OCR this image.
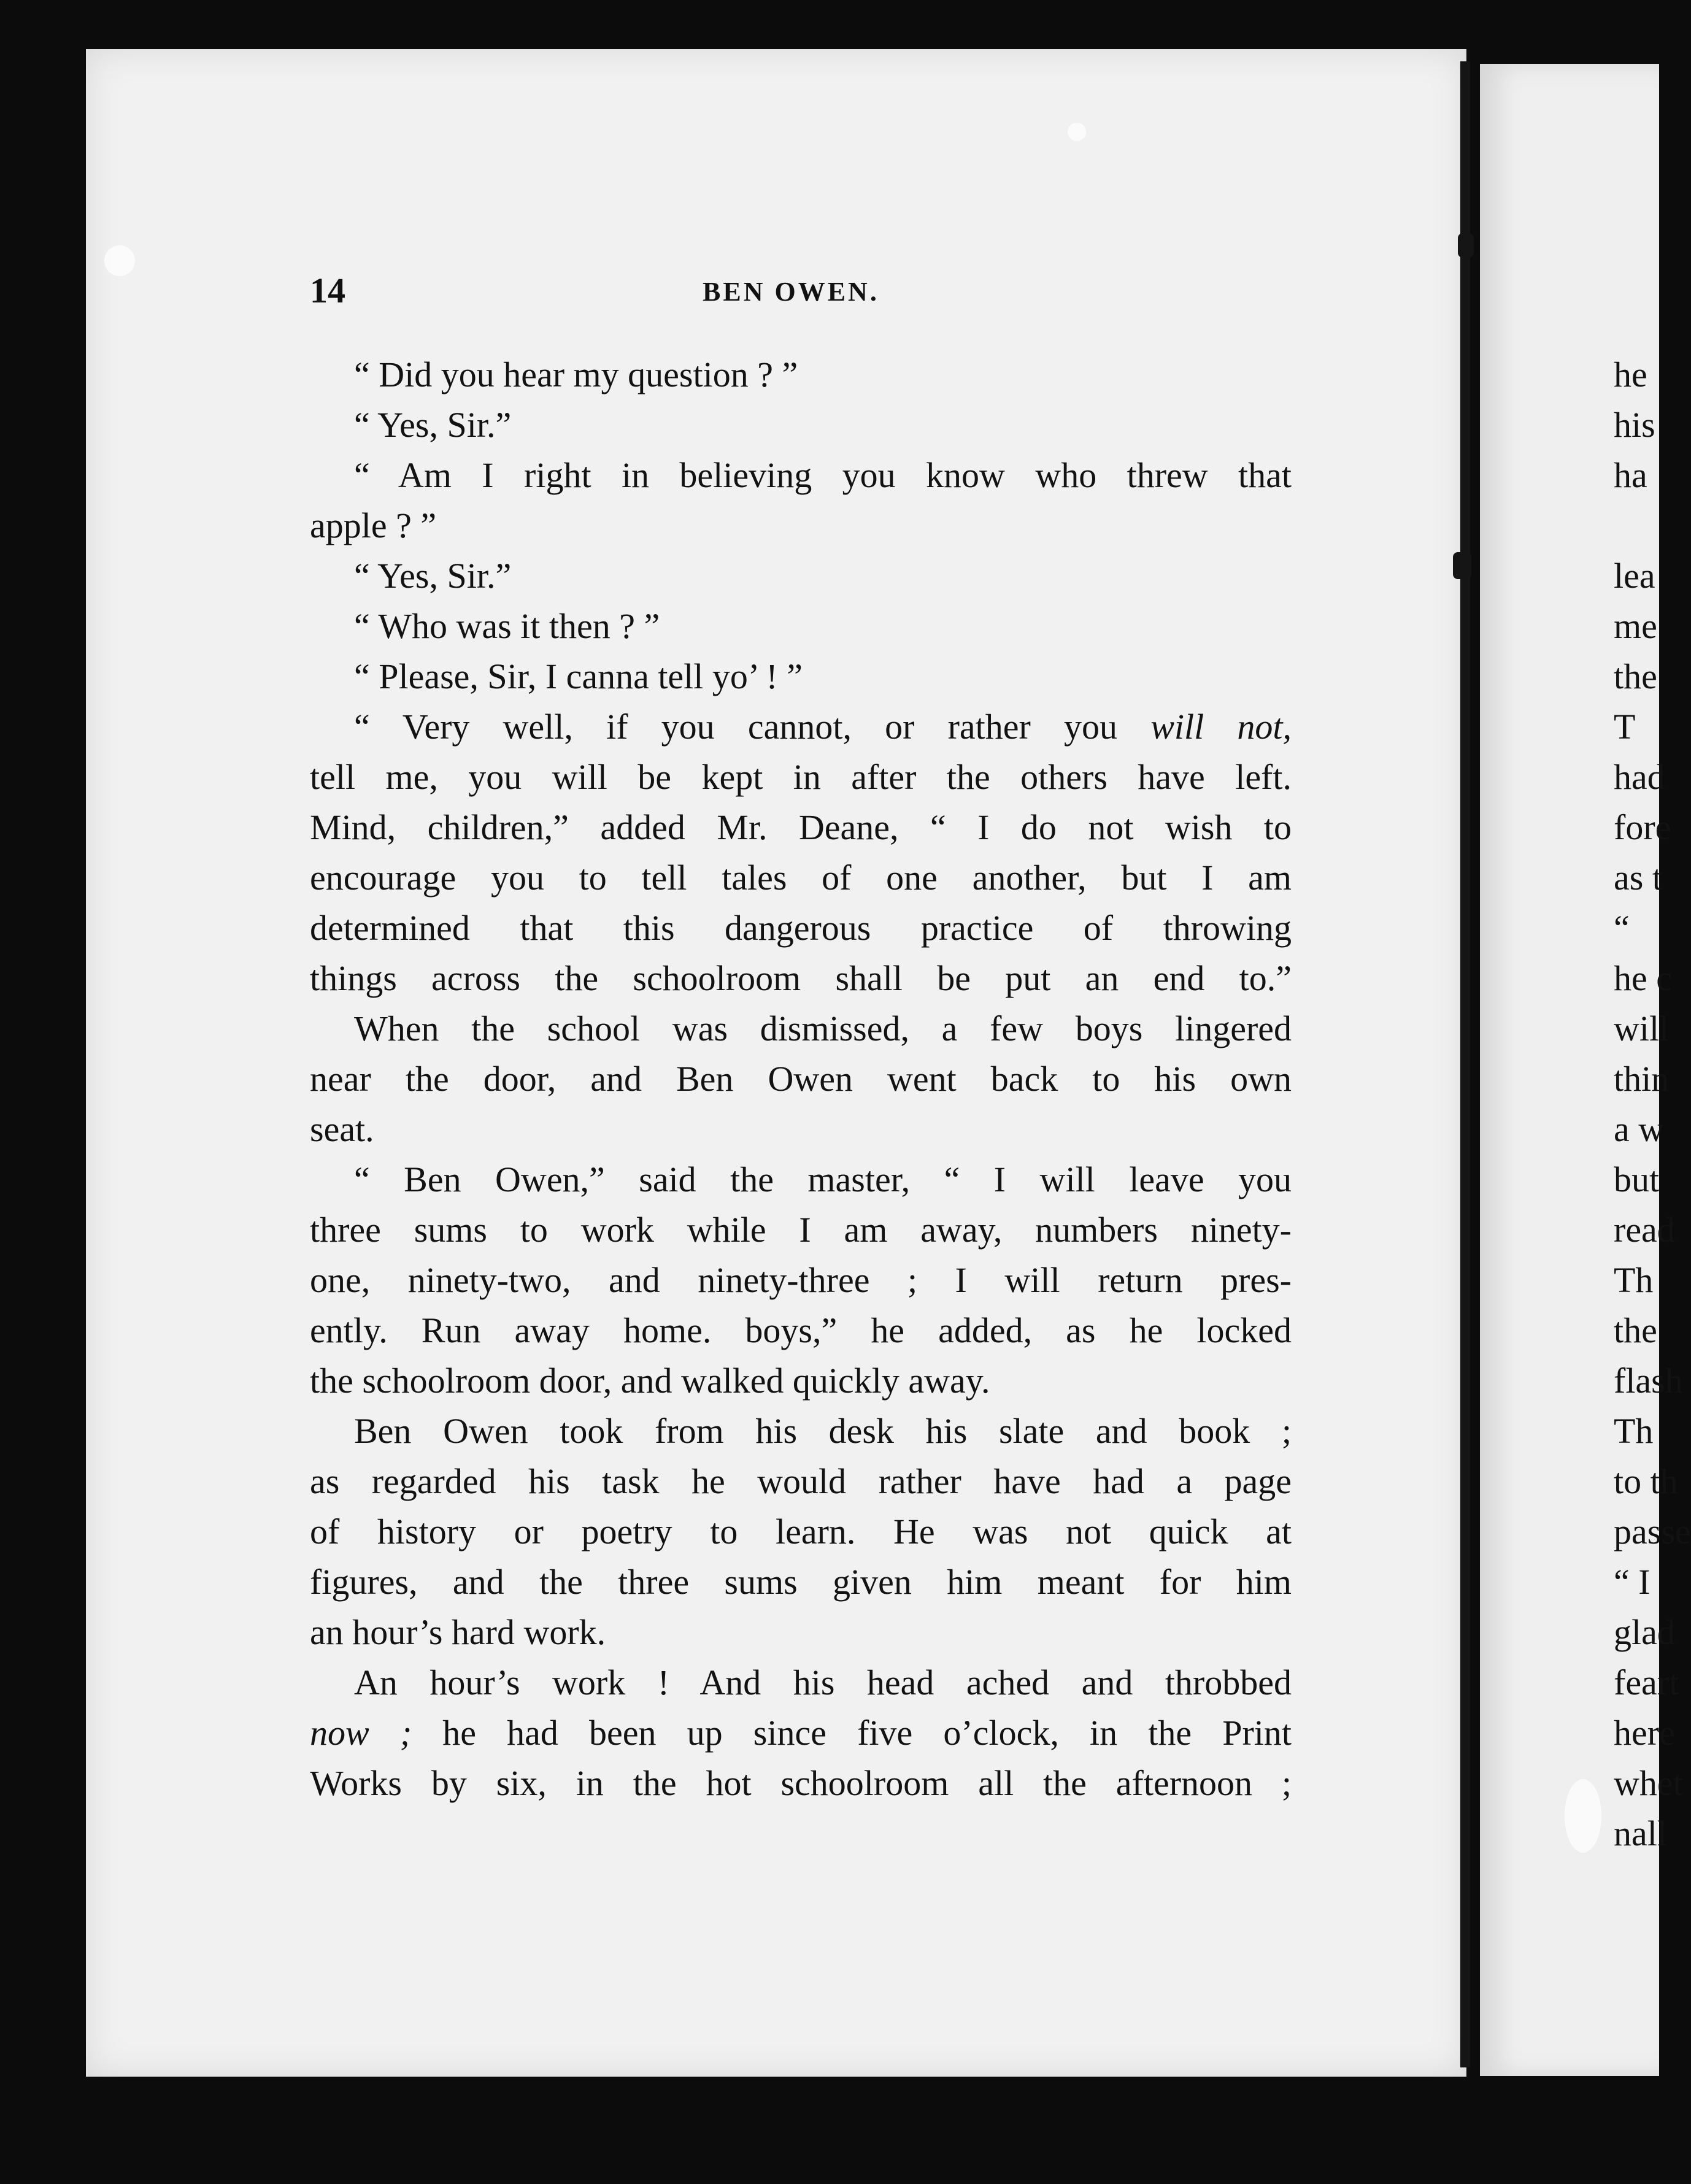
14	BEN OWEN.
“ Did you hear my question ? ”
“ Yes, Sir.”
“ Am I right in believing you know who threw that
apple ? ”
“ Yes, Sir.”
“ Who was it then ? ”
“ Please, Sir, I canna tell yo’ ! ”
“ Very well, if you cannot, or rather you will not,
tell me, you will be kept in after the others have left.
Mind, children,” added Mr. Deane, “ I do not wish to
encourage you to tell tales of one another, but I am
determined that this dangerous practice of throwing
things across the schoolroom shall be put an end to.”
When the school was dismissed, a few boys lingered
near the door, and Ben Owen went back to his own
seat.
“ Ben Owen,” said the master, “ I will leave you
three sums to work while I am away, numbers ninety-
one, ninety-two, and ninety-three ; I will return pres-
ently. Run away home. boys,” he added, as he locked
the schoolroom door, and walked quickly away.
Ben Owen took from his desk his slate and book ;
as regarded his task he would rather have had a page
of history or poetry to learn. He was not quick at
figures, and the three sums given him meant for him
an hour’s hard work.
An hour’s work ! And his head ached and throbbed
now ; he had been up since five o’clock, in the Print
Works by six, in the hot schoolroom all the afternoon ;
he
his
ha
lea
me
the
T
had
fore
as t
“
he c
will
thin
a w
but
read
Th
the
flash
Th
to th
passe
“ I
glad
feart
here
whet
nall
